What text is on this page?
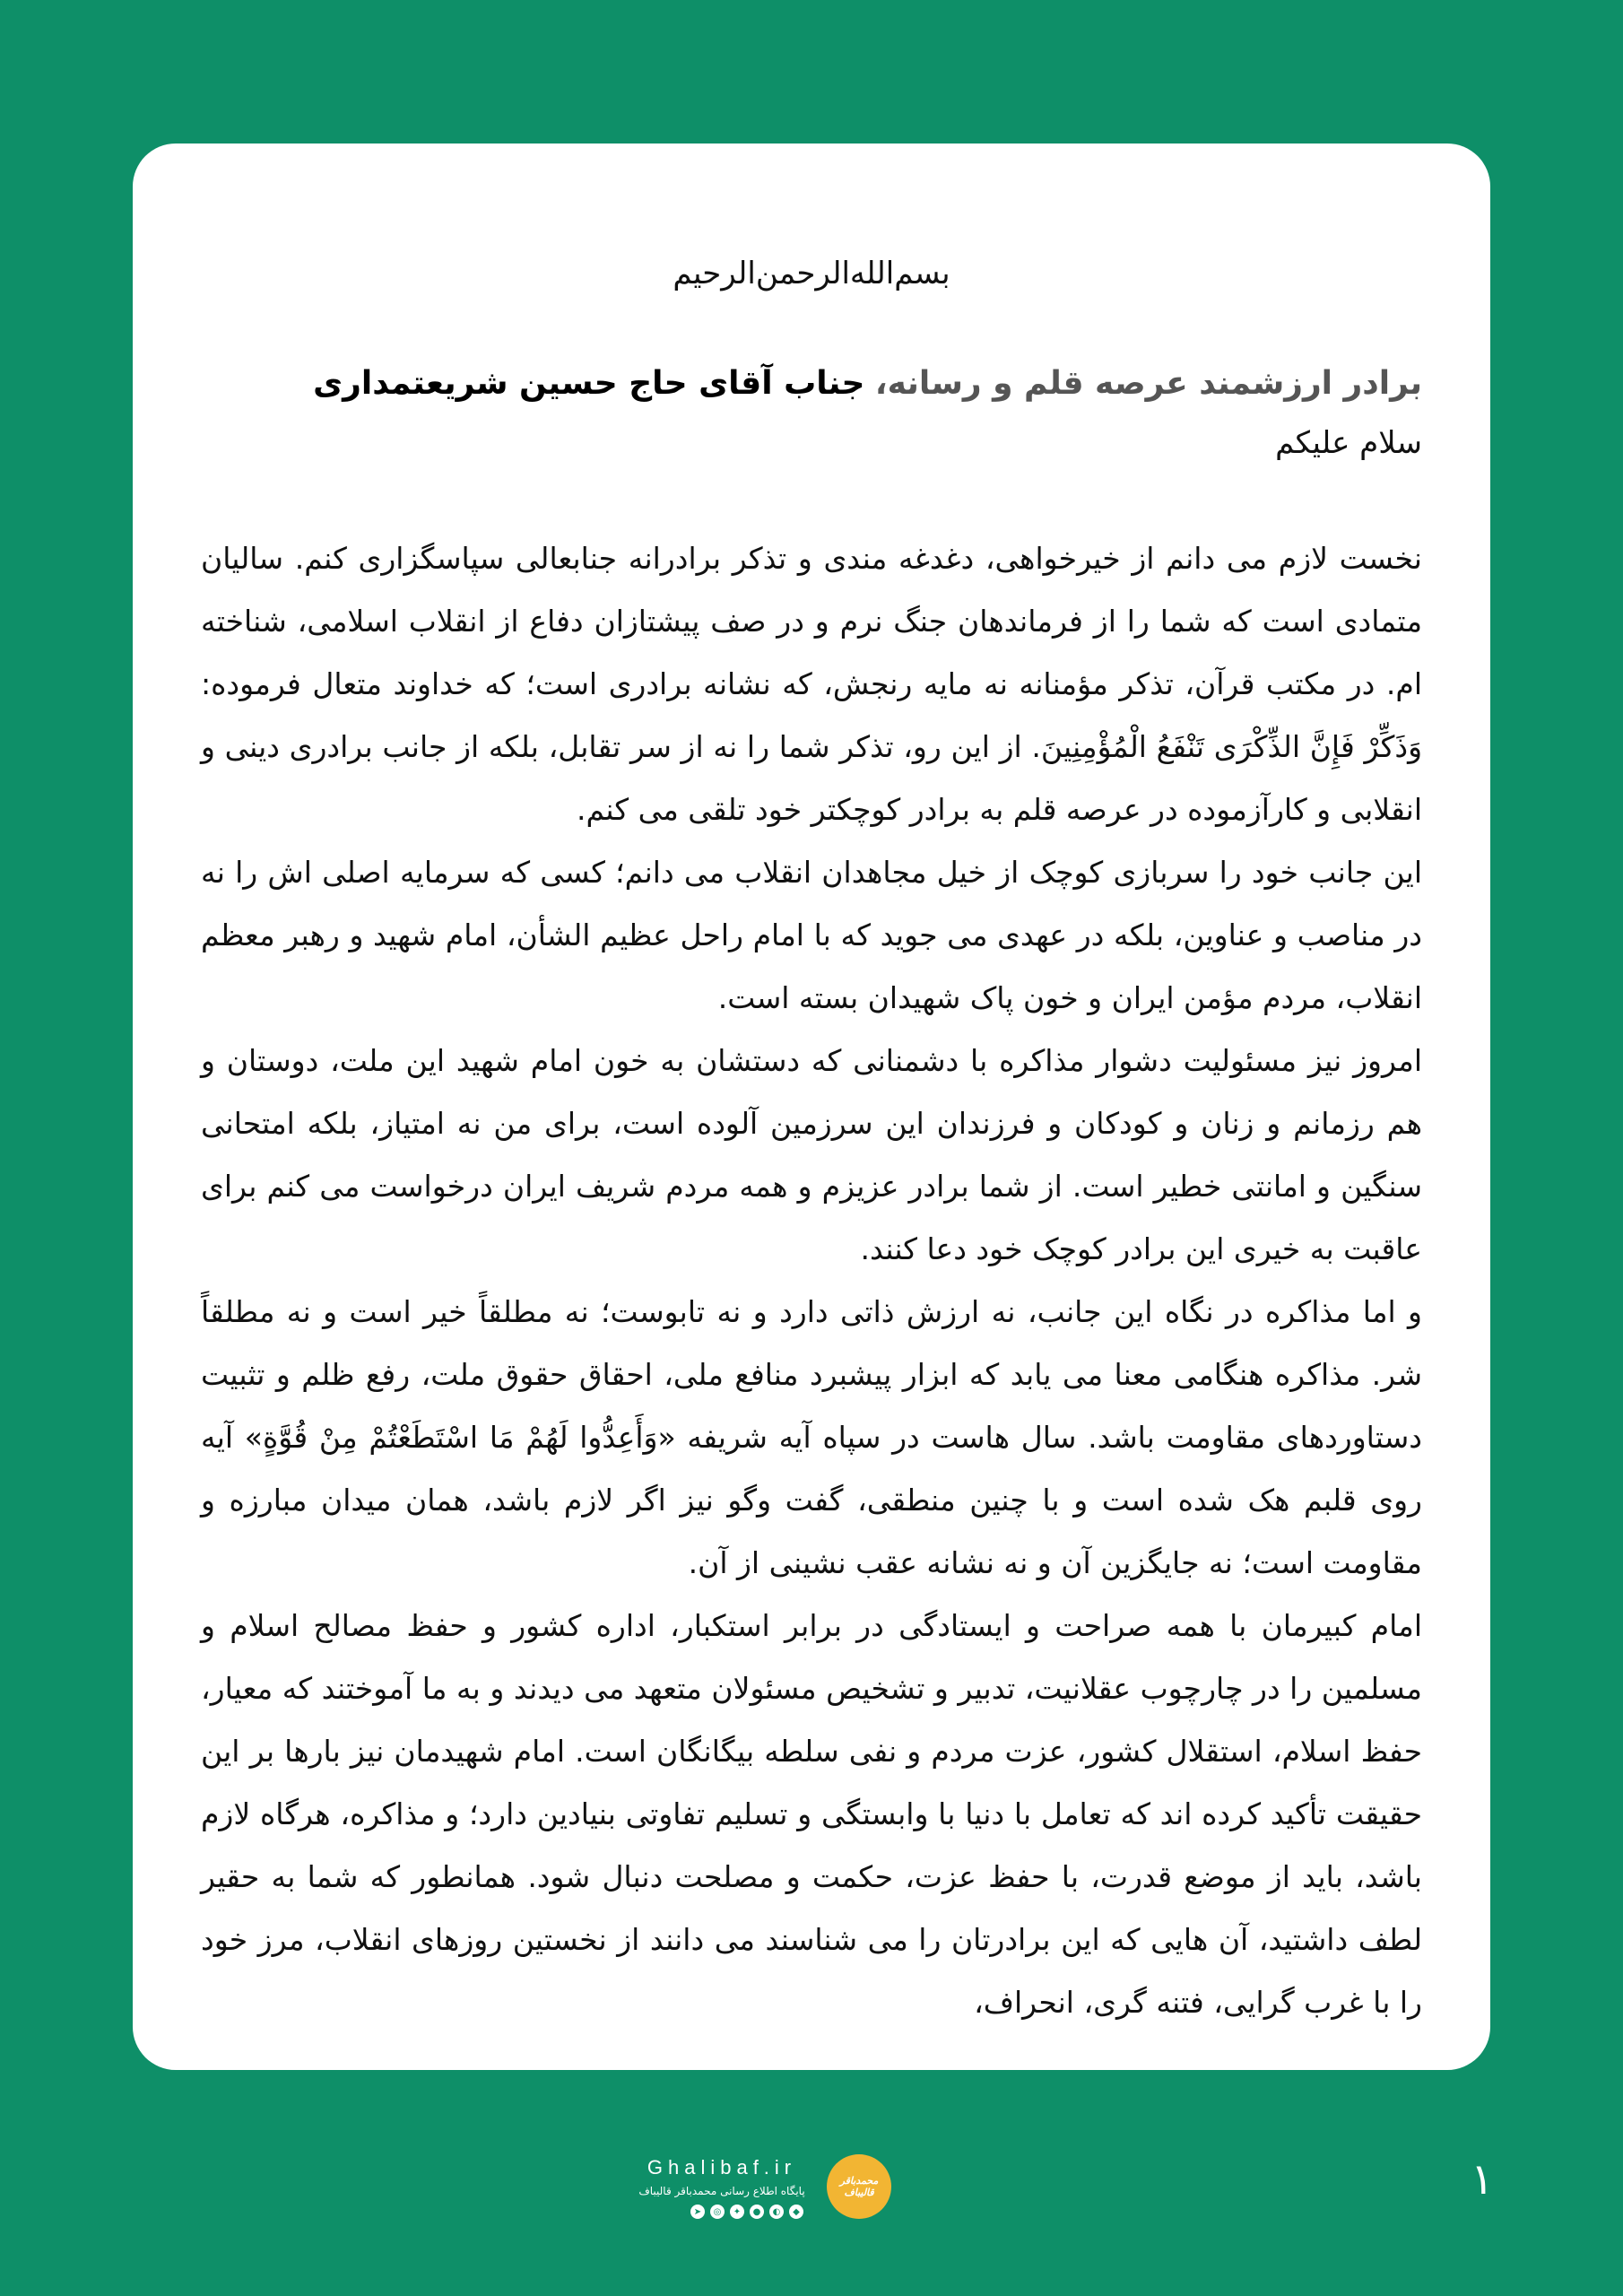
بسم‌الله‌الرحمن‌الرحیم

برادر ارزشمند عرصه قلم و رسانه، جناب آقای حاج حسین شریعتمداری

سلام علیکم

نخست لازم می دانم از خیرخواهی، دغدغه مندی و تذکر برادرانه جنابعالی سپاسگزاری کنم. سالیان متمادی است که شما را از فرماندهان جنگ نرم و در صف پیشتازان دفاع از انقلاب اسلامی، شناخته ام. در مکتب قرآن، تذکر مؤمنانه نه مایه رنجش، که نشانه برادری است؛ که خداوند متعال فرموده: وَذَکِّرْ فَإِنَّ الذِّکْرَی تَنْفَعُ الْمُؤْمِنِینَ. از این رو، تذکر شما را نه از سر تقابل، بلکه از جانب برادری دینی و انقلابی و کارآزموده در عرصه قلم به برادر کوچکتر خود تلقی می کنم.

این جانب خود را سربازی کوچک از خیل مجاهدان انقلاب می دانم؛ کسی که سرمایه اصلی اش را نه در مناصب و عناوین، بلکه در عهدی می جوید که با امام راحل عظیم الشأن، امام شهید و رهبر معظم انقلاب، مردم مؤمن ایران و خون پاک شهیدان بسته است.

امروز نیز مسئولیت دشوار مذاکره با دشمنانی که دستشان به خون امام شهید این ملت، دوستان و هم رزمانم و زنان و کودکان و فرزندان این سرزمین آلوده است، برای من نه امتیاز، بلکه امتحانی سنگین و امانتی خطیر است. از شما برادر عزیزم و همه مردم شریف ایران درخواست می کنم برای عاقبت به خیری این برادر کوچک خود دعا کنند.

و اما مذاکره در نگاه این جانب، نه ارزش ذاتی دارد و نه تابوست؛ نه مطلقاً خیر است و نه مطلقاً شر. مذاکره هنگامی معنا می یابد که ابزار پیشبرد منافع ملی، احقاق حقوق ملت، رفع ظلم و تثبیت دستاوردهای مقاومت باشد. سال هاست در سپاه آیه شریفه «وَأَعِدُّوا لَهُمْ مَا اسْتَطَعْتُمْ مِنْ قُوَّةٍ» آیه روی قلبم هک شده است و با چنین منطقی، گفت وگو نیز اگر لازم باشد، همان میدان مبارزه و مقاومت است؛ نه جایگزین آن و نه نشانه عقب نشینی از آن.

امام کبیرمان با همه صراحت و ایستادگی در برابر استکبار، اداره کشور و حفظ مصالح اسلام و مسلمین را در چارچوب عقلانیت، تدبیر و تشخیص مسئولان متعهد می دیدند و به ما آموختند که معیار، حفظ اسلام، استقلال کشور، عزت مردم و نفی سلطه بیگانگان است. امام شهیدمان نیز بارها بر این حقیقت تأکید کرده اند که تعامل با دنیا با وابستگی و تسلیم تفاوتی بنیادین دارد؛ و مذاکره، هرگاه لازم باشد، باید از موضع قدرت، با حفظ عزت، حکمت و مصلحت دنبال شود. همانطور که شما به حقیر لطف داشتید، آن هایی که این برادرتان را می شناسند می دانند از نخستین روزهای انقلاب، مرز خود را با غرب گرایی، فتنه گری، انحراف،

Ghalibaf.ir
پایگاه اطلاع رسانی محمدباقر قالیباف
➤	◎	✦	●	◐	◆
محمدباقر قالیباف	۱
